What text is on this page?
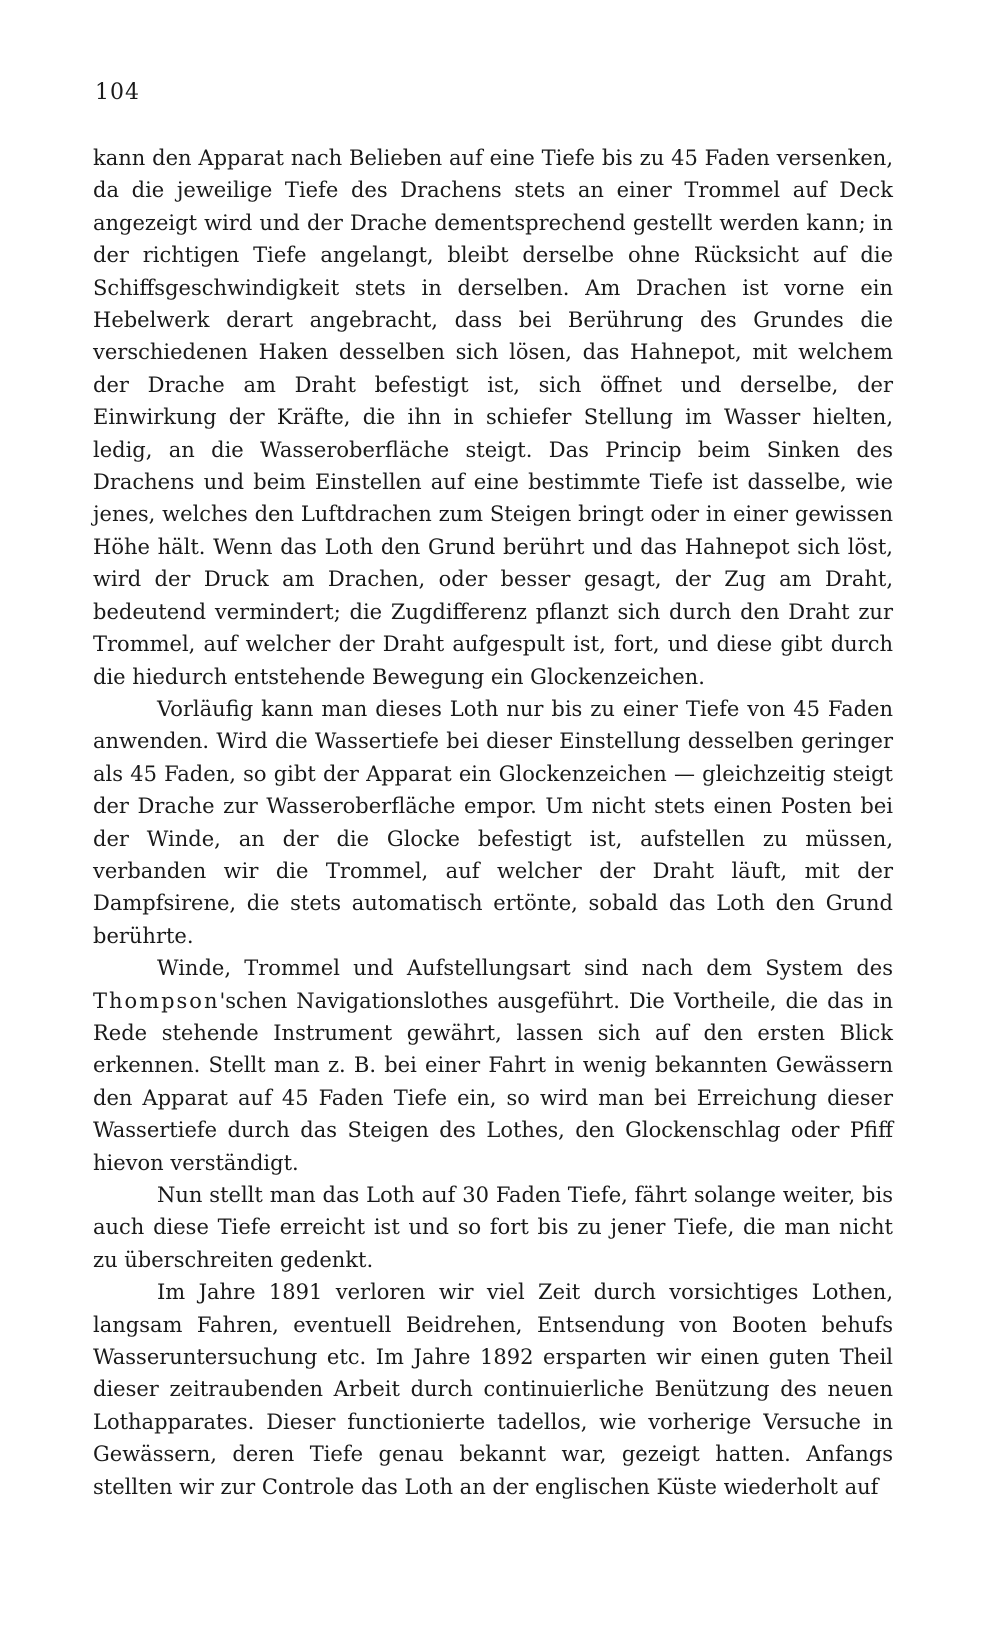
104

kann den Apparat nach Belieben auf eine Tiefe bis zu 45 Faden versenken, da die jeweilige Tiefe des Drachens stets an einer Trommel auf Deck angezeigt wird und der Drache dementsprechend gestellt werden kann; in der richtigen Tiefe angelangt, bleibt derselbe ohne Rücksicht auf die Schiffsgeschwindigkeit stets in derselben. Am Drachen ist vorne ein Hebelwerk derart angebracht, dass bei Berührung des Grundes die verschiedenen Haken desselben sich lösen, das Hahnepot, mit welchem der Drache am Draht befestigt ist, sich öffnet und derselbe, der Einwirkung der Kräfte, die ihn in schiefer Stellung im Wasser hielten, ledig, an die Wasseroberfläche steigt. Das Princip beim Sinken des Drachens und beim Einstellen auf eine bestimmte Tiefe ist dasselbe, wie jenes, welches den Luftdrachen zum Steigen bringt oder in einer gewissen Höhe hält. Wenn das Loth den Grund berührt und das Hahnepot sich löst, wird der Druck am Drachen, oder besser gesagt, der Zug am Draht, bedeutend vermindert; die Zugdifferenz pflanzt sich durch den Draht zur Trommel, auf welcher der Draht aufgespult ist, fort, und diese gibt durch die hiedurch entstehende Bewegung ein Glockenzeichen.

Vorläufig kann man dieses Loth nur bis zu einer Tiefe von 45 Faden anwenden. Wird die Wassertiefe bei dieser Einstellung desselben geringer als 45 Faden, so gibt der Apparat ein Glockenzeichen — gleichzeitig steigt der Drache zur Wasseroberfläche empor. Um nicht stets einen Posten bei der Winde, an der die Glocke befestigt ist, aufstellen zu müssen, verbanden wir die Trommel, auf welcher der Draht läuft, mit der Dampfsirene, die stets automatisch ertönte, sobald das Loth den Grund berührte.

Winde, Trommel und Aufstellungsart sind nach dem System des Thompson'schen Navigationslothes ausgeführt. Die Vortheile, die das in Rede stehende Instrument gewährt, lassen sich auf den ersten Blick erkennen. Stellt man z. B. bei einer Fahrt in wenig bekannten Gewässern den Apparat auf 45 Faden Tiefe ein, so wird man bei Erreichung dieser Wassertiefe durch das Steigen des Lothes, den Glockenschlag oder Pfiff hievon verständigt.

Nun stellt man das Loth auf 30 Faden Tiefe, fährt solange weiter, bis auch diese Tiefe erreicht ist und so fort bis zu jener Tiefe, die man nicht zu überschreiten gedenkt.

Im Jahre 1891 verloren wir viel Zeit durch vorsichtiges Lothen, langsam Fahren, eventuell Beidrehen, Entsendung von Booten behufs Wasseruntersuchung etc. Im Jahre 1892 ersparten wir einen guten Theil dieser zeitraubenden Arbeit durch continuierliche Benützung des neuen Lothapparates. Dieser functionierte tadellos, wie vorherige Versuche in Gewässern, deren Tiefe genau bekannt war, gezeigt hatten. Anfangs stellten wir zur Controle das Loth an der englischen Küste wiederholt auf
